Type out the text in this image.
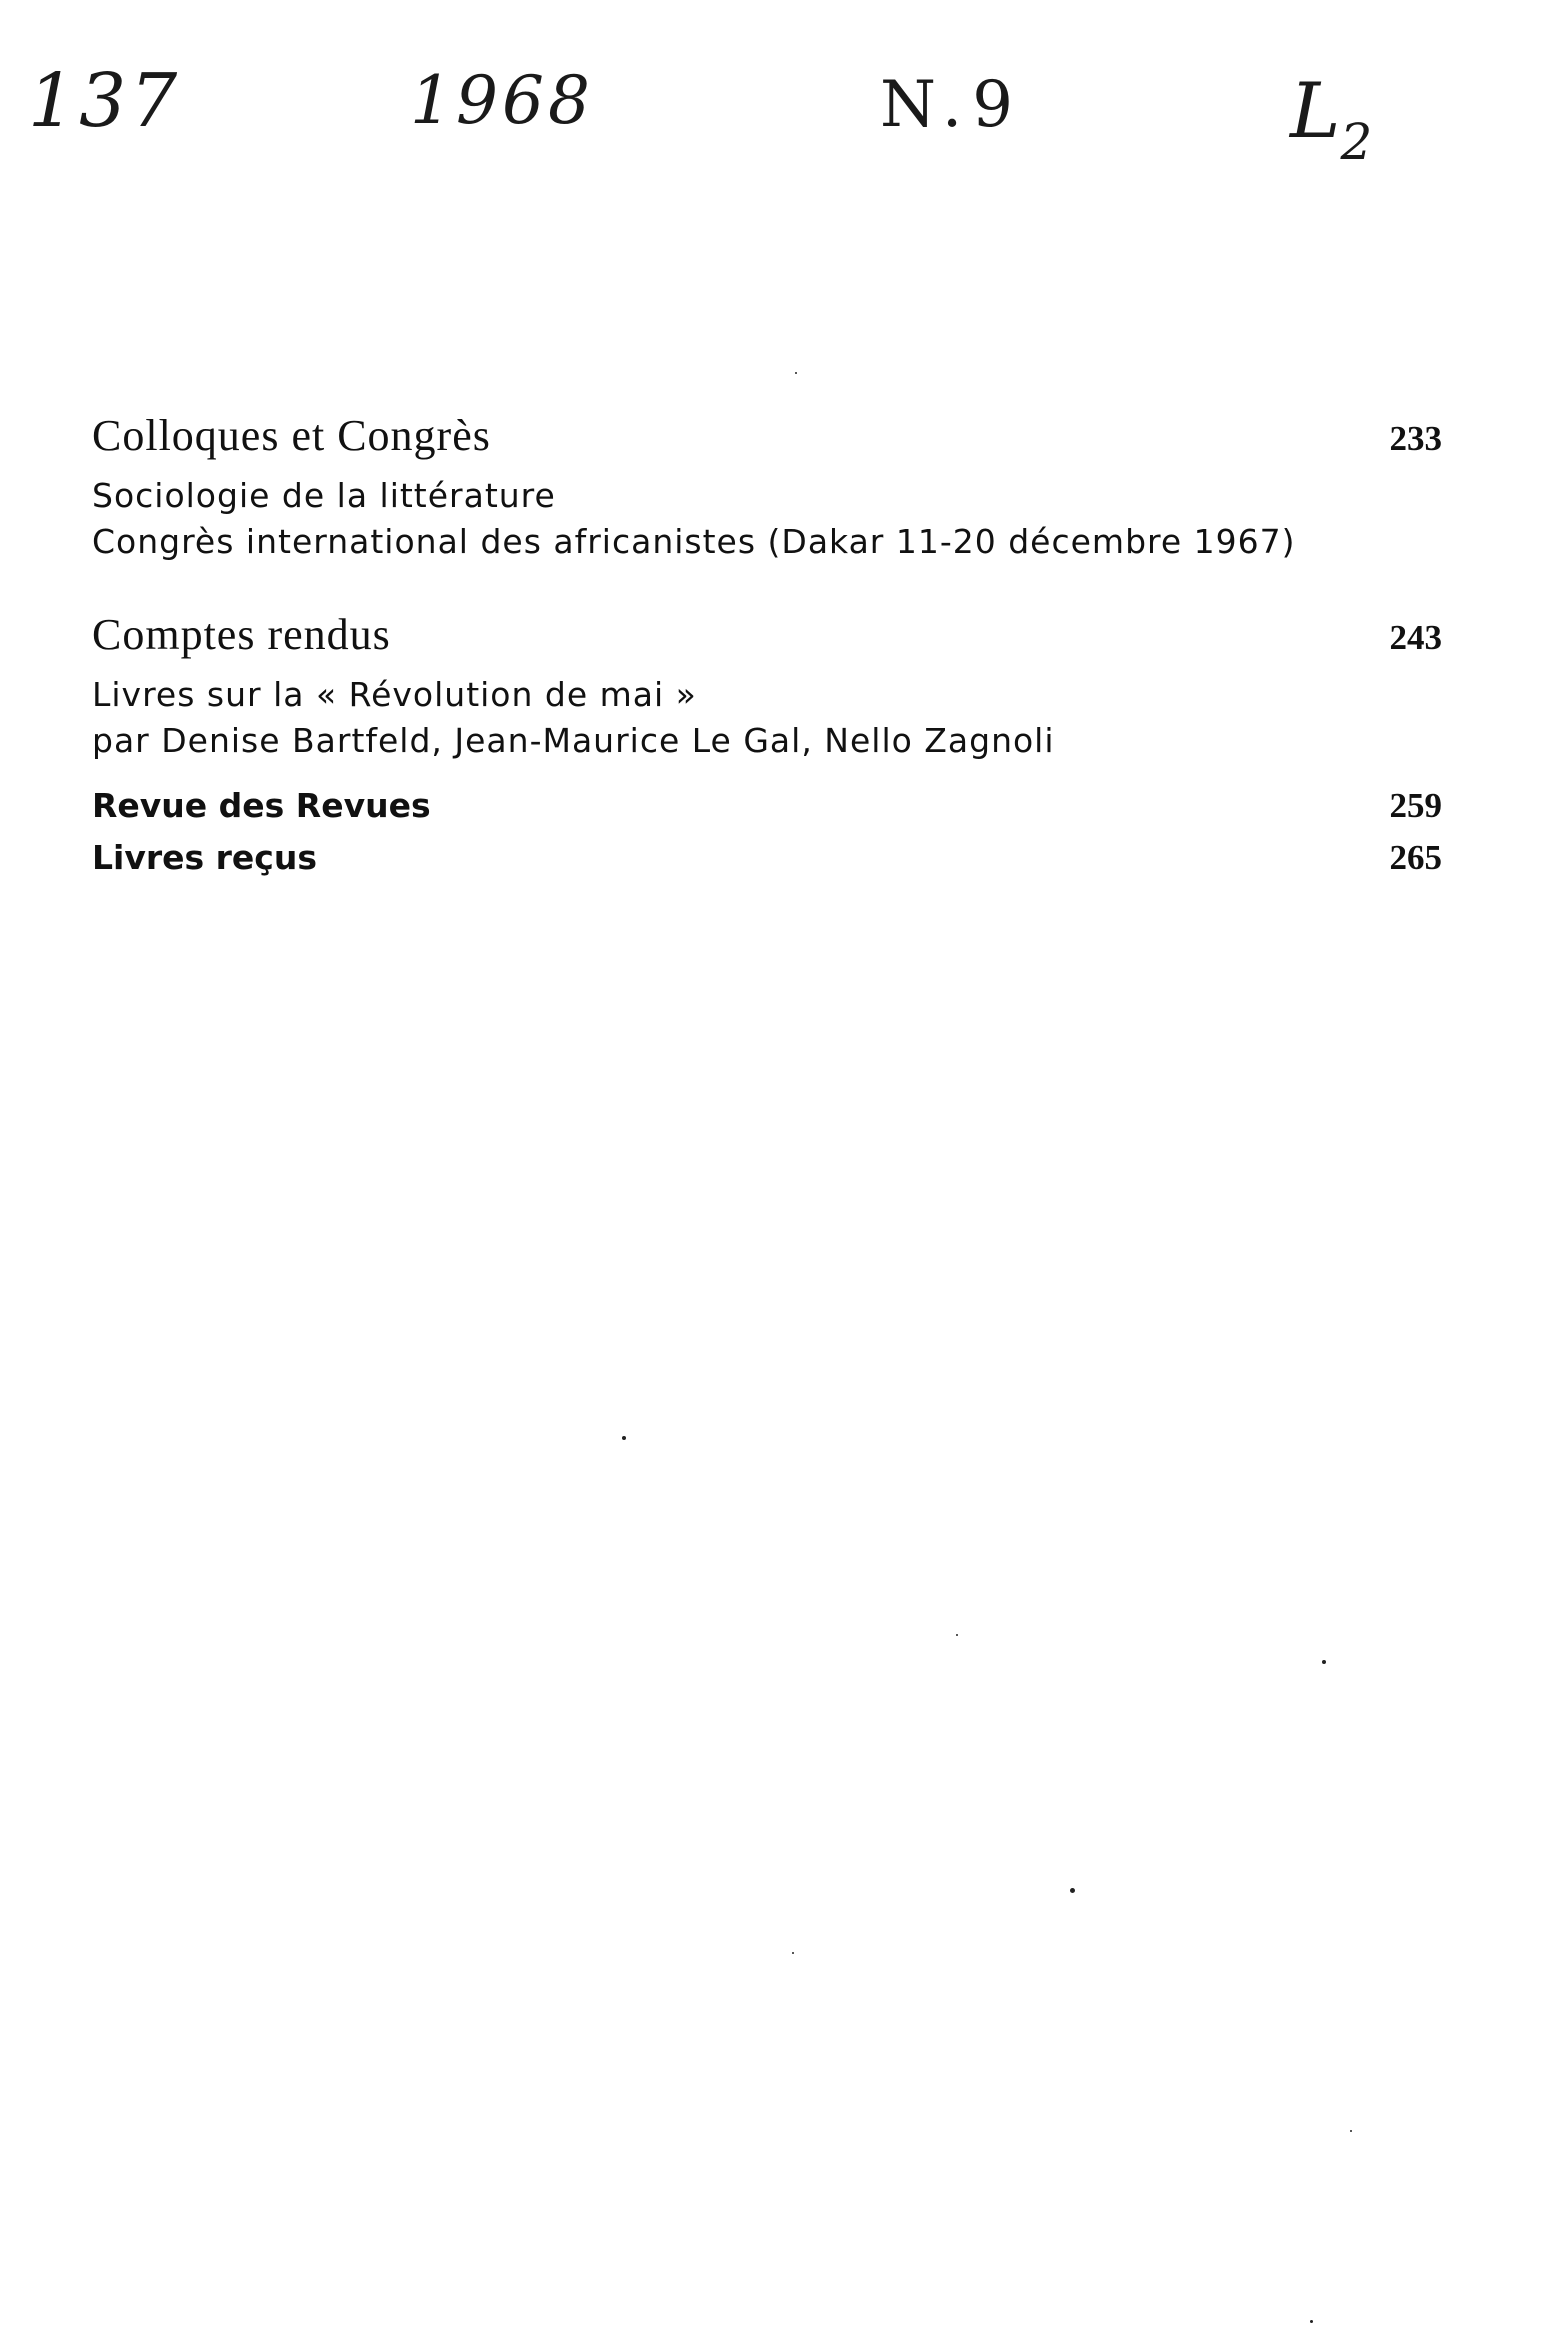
137	1968	N.9	$L_2$
Colloques et Congrès	233
Sociologie de la littérature
Congrès international des africanistes (Dakar 11-20 décembre 1967)
Comptes rendus	243
Livres sur la « Révolution de mai »
par Denise Bartfeld, Jean-Maurice Le Gal, Nello Zagnoli
Revue des Revues	259
Livres reçus	265
